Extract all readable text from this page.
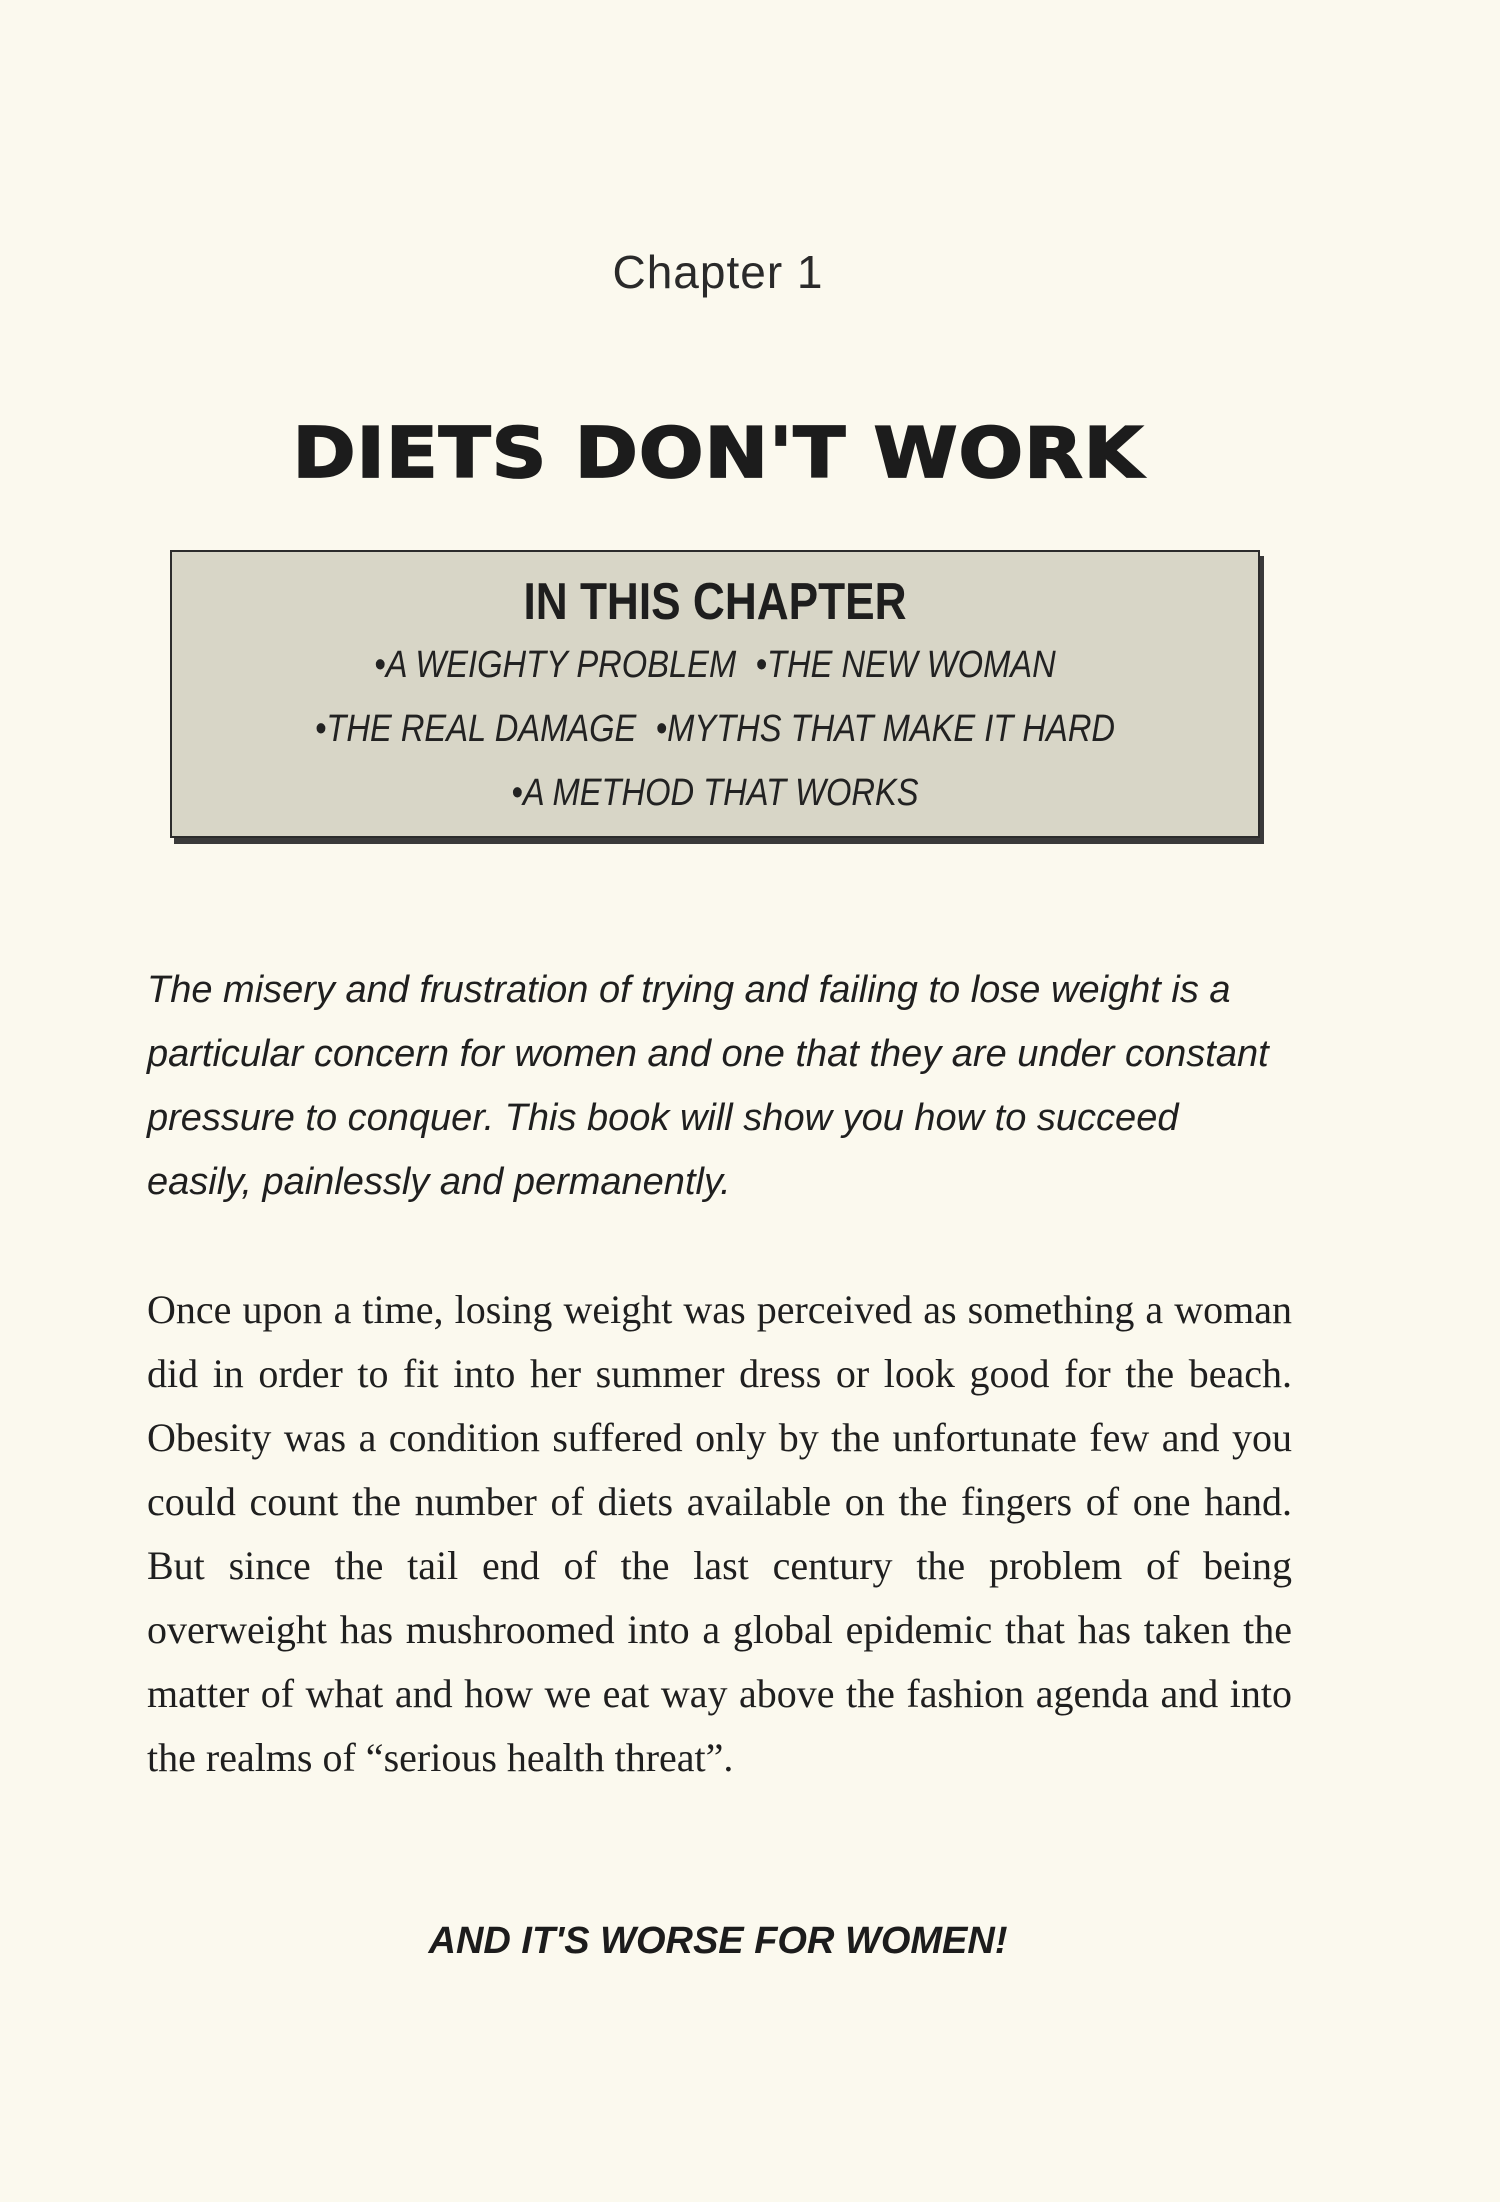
Chapter 1
DIETS DON'T WORK
IN THIS CHAPTER
•A WEIGHTY PROBLEM •THE NEW WOMAN
•THE REAL DAMAGE •MYTHS THAT MAKE IT HARD
•A METHOD THAT WORKS
The misery and frustration of trying and failing to lose weight is a particular concern for women and one that they are under constant pressure to conquer. This book will show you how to succeed easily, painlessly and permanently.
Once upon a time, losing weight was perceived as something a woman did in order to fit into her summer dress or look good for the beach. Obesity was a condition suffered only by the unfortunate few and you could count the number of diets available on the fingers of one hand. But since the tail end of the last century the problem of being overweight has mushroomed into a global epidemic that has taken the matter of what and how we eat way above the fashion agenda and into the realms of “serious health threat”.
AND IT'S WORSE FOR WOMEN!
